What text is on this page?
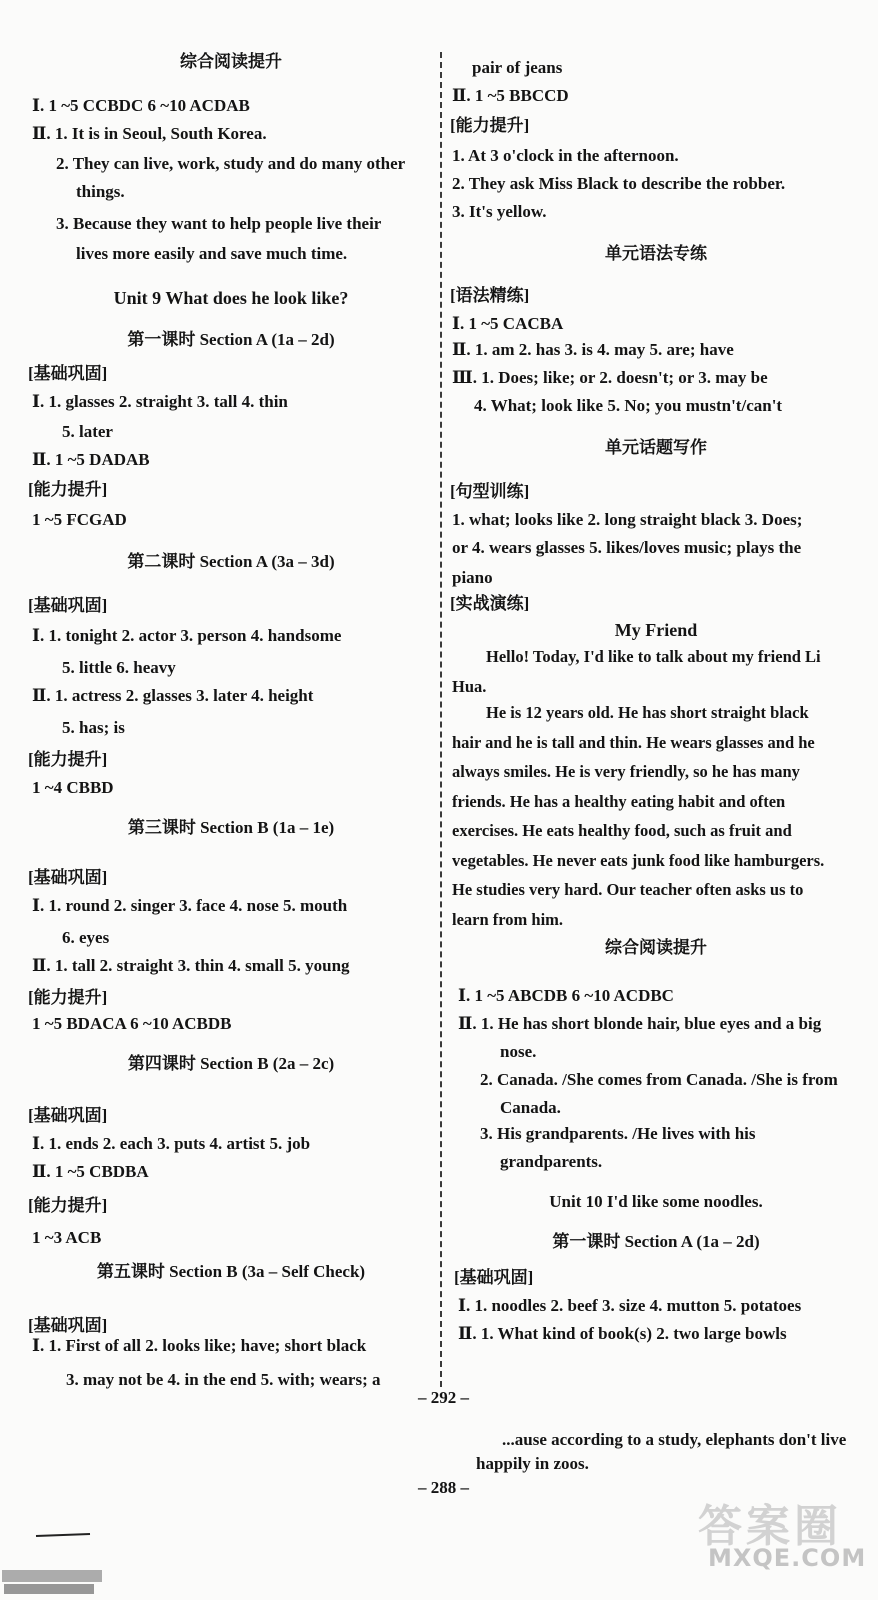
综合阅读提升
Ⅰ. 1 ~5 CCBDC 6 ~10 ACDAB
Ⅱ. 1. It is in Seoul, South Korea.
2. They can live, work, study and do many other
things.
3. Because they want to help people live their
lives more easily and save much time.
Unit 9 What does he look like?
第一课时 Section A (1a – 2d)
[基础巩固]
Ⅰ. 1. glasses 2. straight 3. tall 4. thin
5. later
Ⅱ. 1 ~5 DADAB
[能力提升]
1 ~5 FCGAD
第二课时 Section A (3a – 3d)
[基础巩固]
Ⅰ. 1. tonight 2. actor 3. person 4. handsome
5. little 6. heavy
Ⅱ. 1. actress 2. glasses 3. later 4. height
5. has; is
[能力提升]
1 ~4 CBBD
第三课时 Section B (1a – 1e)
[基础巩固]
Ⅰ. 1. round 2. singer 3. face 4. nose 5. mouth
6. eyes
Ⅱ. 1. tall 2. straight 3. thin 4. small 5. young
[能力提升]
1 ~5 BDACA 6 ~10 ACBDB
第四课时 Section B (2a – 2c)
[基础巩固]
Ⅰ. 1. ends 2. each 3. puts 4. artist 5. job
Ⅱ. 1 ~5 CBDBA
[能力提升]
1 ~3 ACB
第五课时 Section B (3a – Self Check)
[基础巩固]
Ⅰ. 1. First of all 2. looks like; have; short black
3. may not be 4. in the end 5. with; wears; a
pair of jeans
Ⅱ. 1 ~5 BBCCD
[能力提升]
1. At 3 o'clock in the afternoon.
2. They ask Miss Black to describe the robber.
3. It's yellow.
单元语法专练
[语法精练]
Ⅰ. 1 ~5 CACBA
Ⅱ. 1. am 2. has 3. is 4. may 5. are; have
Ⅲ. 1. Does; like; or 2. doesn't; or 3. may be
4. What; look like 5. No; you mustn't/can't
单元话题写作
[句型训练]
1. what; looks like 2. long straight black 3. Does;
or 4. wears glasses 5. likes/loves music; plays the
piano
[实战演练]
My Friend
Hello! Today, I'd like to talk about my friend Li Hua.
He is 12 years old. He has short straight black hair and he is tall and thin. He wears glasses and he always smiles. He is very friendly, so he has many friends. He has a healthy eating habit and often exercises. He eats healthy food, such as fruit and vegetables. He never eats junk food like hamburgers. He studies very hard. Our teacher often asks us to learn from him.
综合阅读提升
Ⅰ. 1 ~5 ABCDB 6 ~10 ACDBC
Ⅱ. 1. He has short blonde hair, blue eyes and a big
nose.
2. Canada. /She comes from Canada. /She is from
Canada.
3. His grandparents. /He lives with his
grandparents.
Unit 10 I'd like some noodles.
第一课时 Section A (1a – 2d)
[基础巩固]
Ⅰ. 1. noodles 2. beef 3. size 4. mutton 5. potatoes
Ⅱ. 1. What kind of book(s) 2. two large bowls
– 292 –
...ause according to a study, elephants don't live
happily in zoos.
– 288 –
答案圈
MXQE.COM
